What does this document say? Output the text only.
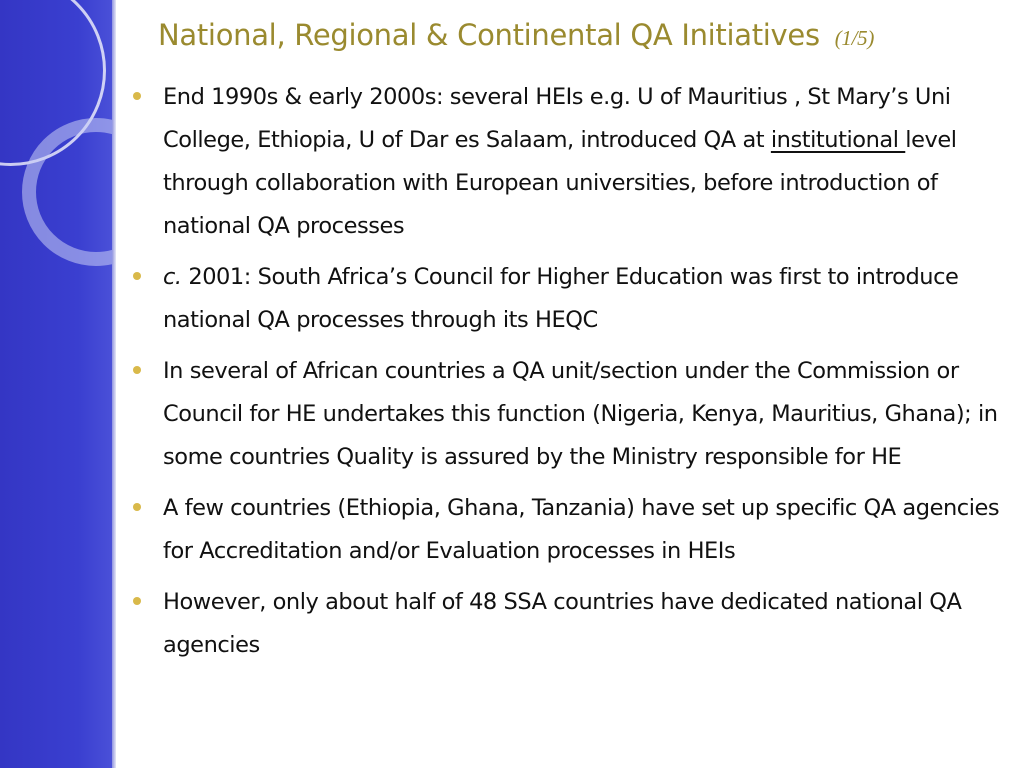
National, Regional & Continental QA Initiatives (1/5)
End 1990s & early 2000s: several HEIs e.g. U of Mauritius , St Mary’s Uni College, Ethiopia, U of Dar es Salaam, introduced QA at institutional level through collaboration with European universities, before introduction of national QA processes
c. 2001: South Africa’s Council for Higher Education was first to introduce national QA processes through its HEQC
In several of African countries a QA unit/section under the Commission or Council for HE undertakes this function (Nigeria, Kenya, Mauritius, Ghana); in some countries Quality is assured by the Ministry responsible for HE
A few countries (Ethiopia, Ghana, Tanzania) have set up specific QA agencies for Accreditation and/or Evaluation processes in HEIs
However, only about half of 48 SSA countries have dedicated national QA agencies
